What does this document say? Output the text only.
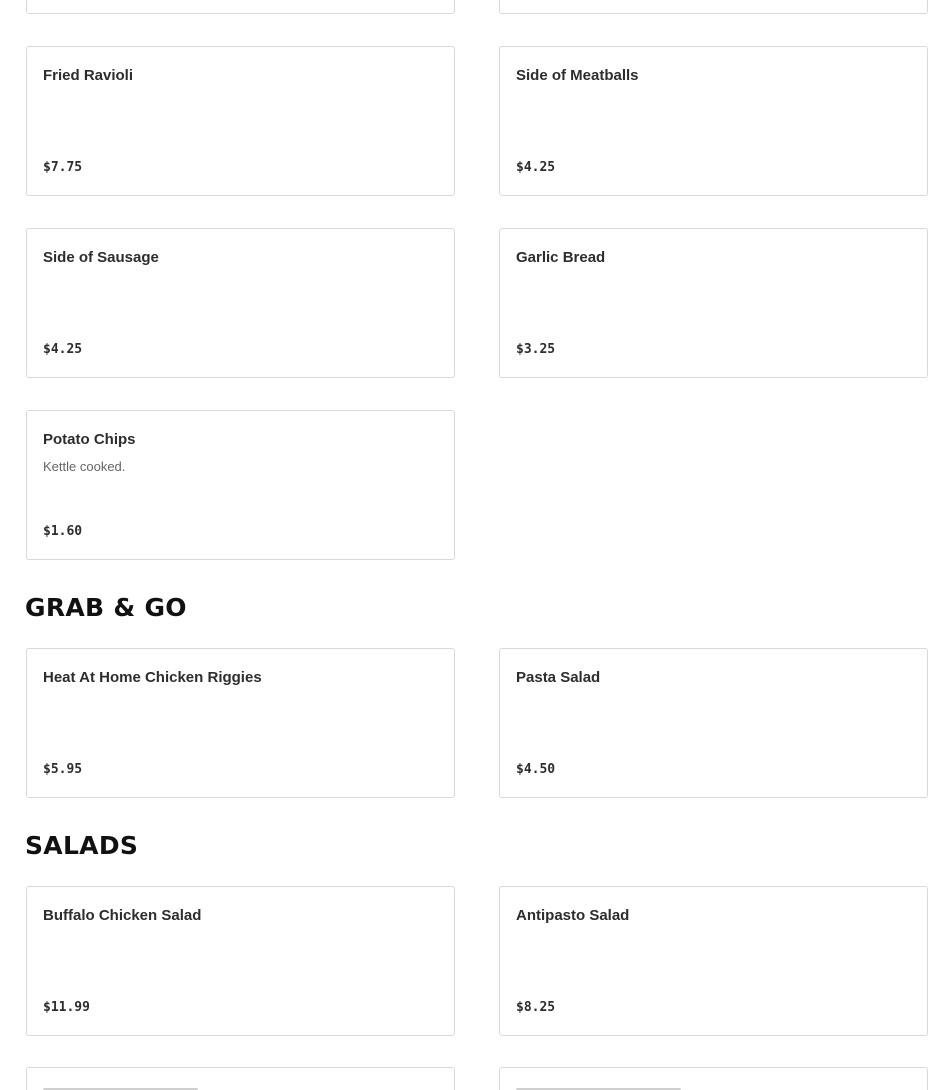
Fried Ravioli
$7.75
Side of Meatballs
$4.25
Side of Sausage
$4.25
Garlic Bread
$3.25
Potato Chips
Kettle cooked.
$1.60
GRAB & GO
Heat At Home Chicken Riggies
$5.95
Pasta Salad
$4.50
SALADS
Buffalo Chicken Salad
$11.99
Antipasto Salad
$8.25
